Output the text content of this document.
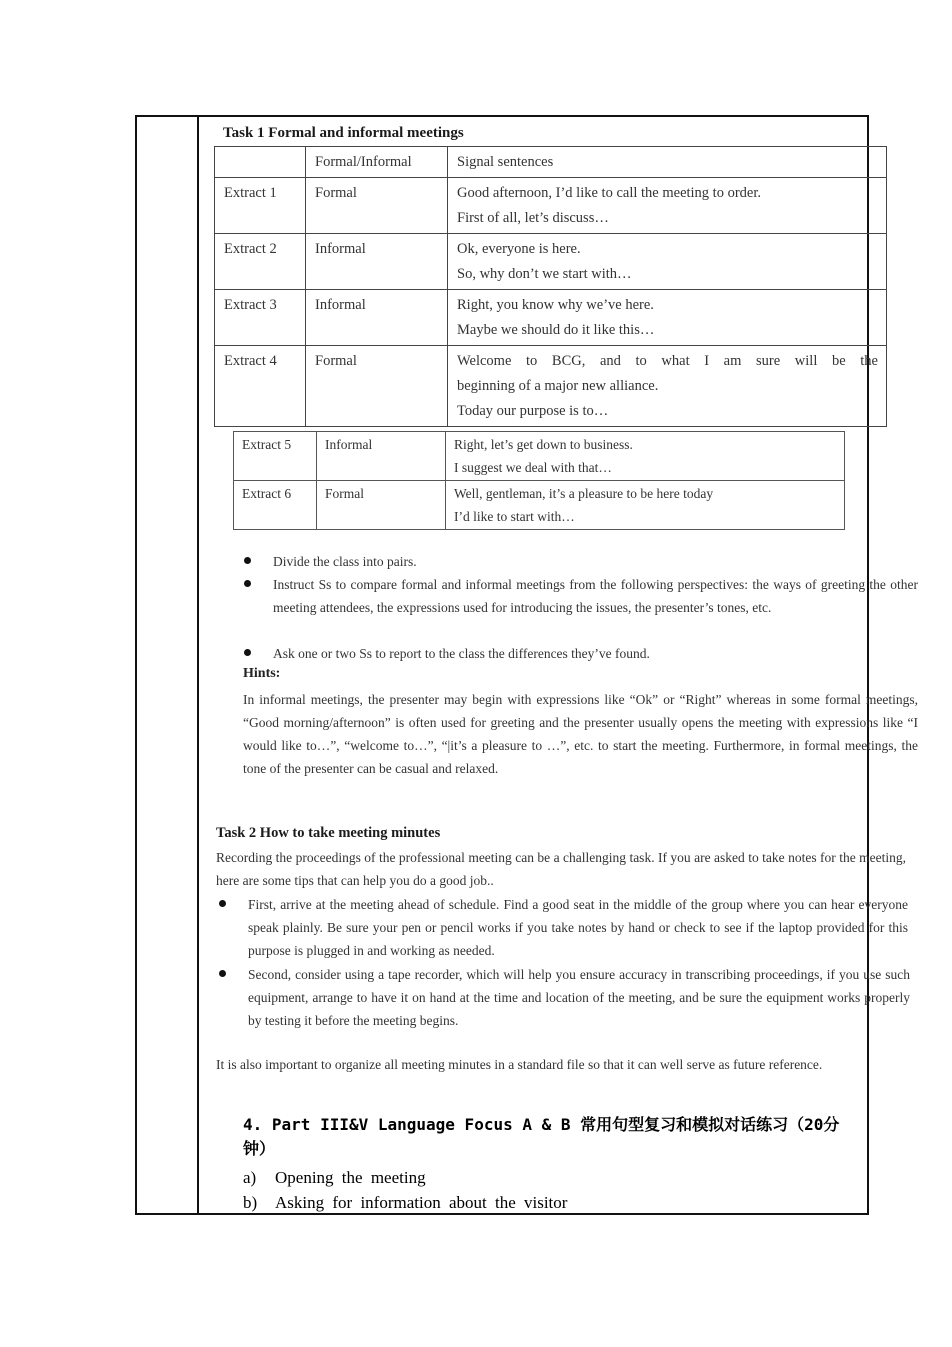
Task 1 Formal and informal meetings
	Formal/Informal	Signal sentences
Extract 1	Formal	Good afternoon, I’d like to call the meeting to order.
First of all, let’s discuss…

Extract 2	Informal	Ok, everyone is here.
So, why don’t we start with…

Extract 3	Informal	Right, you know why we’ve here.
Maybe we should do it like this…

Extract 4	Formal	Welcome to BCG, and to what I am sure will be the
beginning of a major new alliance.
Today our purpose is to…
Extract 5	Informal	Right, let’s get down to business.
I suggest we deal with that…

Extract 6	Formal	Well, gentleman, it’s a pleasure to be here today
I’d like to start with…
Divide the class into pairs.
Instruct Ss to compare formal and informal meetings from the following perspectives: the ways of greeting the other meeting attendees, the expressions used for introducing the issues, the presenter’s tones, etc.
Ask one or two Ss to report to the class the differences they’ve found.
Hints:
In informal meetings, the presenter may begin with expressions like “Ok” or “Right” whereas in some formal meetings, “Good morning/afternoon” is often used for greeting and the presenter usually opens the meeting with expressions like “I would like to…”, “welcome to…”, “|it’s a pleasure to …”, etc. to start the meeting. Furthermore, in formal meetings, the tone of the presenter can be casual and relaxed.
Task 2 How to take meeting minutes
Recording the proceedings of the professional meeting can be a challenging task. If you are asked to take notes for the meeting, here are some tips that can help you do a good job..
First, arrive at the meeting ahead of schedule. Find a good seat in the middle of the group where you can hear everyone speak plainly. Be sure your pen or pencil works if you take notes by hand or check to see if the laptop provided for this purpose is plugged in and working as needed.
Second, consider using a tape recorder, which will help you ensure accuracy in transcribing proceedings, if you use such equipment, arrange to have it on hand at the time and location of the meeting, and be sure the equipment works properly by testing it before the meeting begins.
It is also important to organize all meeting minutes in a standard file so that it can well serve as future reference.
4. Part III&V Language Focus A & B 常用句型复习和模拟对话练习（20分钟）
a) Opening the meeting
b) Asking for information about the visitor
